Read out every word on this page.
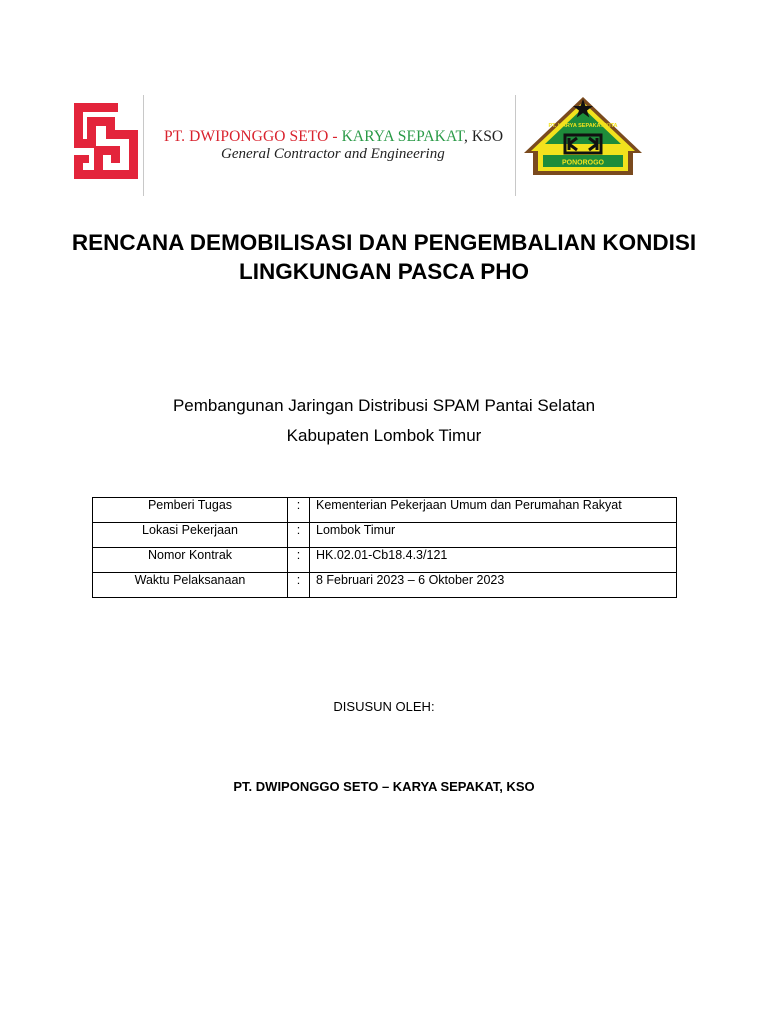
PT. DWIPONGGO SETO - KARYA SEPAKAT, KSO
General Contractor and Engineering
PONOROGO
PT. KARYA SEPAKAT KITA
RENCANA DEMOBILISASI DAN PENGEMBALIAN KONDISI LINGKUNGAN PASCA PHO
Pembangunan Jaringan Distribusi SPAM Pantai Selatan
Kabupaten Lombok Timur
Pemberi Tugas	:	Kementerian Pekerjaan Umum dan Perumahan Rakyat
Lokasi Pekerjaan	:	Lombok Timur
Nomor Kontrak	:	HK.02.01-Cb18.4.3/121
Waktu Pelaksanaan	:	8 Februari 2023 – 6 Oktober 2023
DISUSUN OLEH:
PT. DWIPONGGO SETO – KARYA SEPAKAT, KSO
